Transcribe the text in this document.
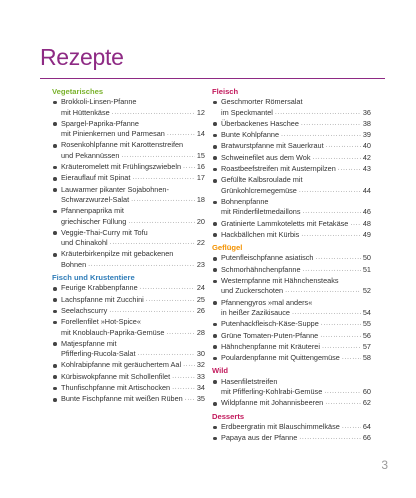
Rezepte
Vegetarisches
Brokkoli-Linsen-Pfanne
mit Hüttenkäse ·····	12
Spargel-Paprika-Pfanne
mit Pinienkernen und Parmesan ·····	14
Rosenkohlpfanne mit Karottenstreifen
und Pekannüssen ·····	15
Kräuteromelett mit Frühlingszwiebeln ····· 16
Eierauflauf mit Spinat ·····	17
Lauwarmer pikanter Sojabohnen-
Schwarzwurzel-Salat ·····	18
Pfannenpaprika mit
griechischer Füllung ·····	20
Veggie-Thai-Curry mit Tofu
und Chinakohl ·····	22
Kräuterbirkenpilze mit gebackenen
Bohnen ·····	23
Fisch und Krustentiere
Feurige Krabbenpfanne ·····	24
Lachspfanne mit Zucchini ·····	25
Seelachscurry ·····	26
Forellenfilet »Hot-Spice«
mit Knoblauch-Paprika-Gemüse ·····	28
Matjespfanne mit
Pfifferling-Rucola-Salat ·····	30
Kohlrabipfanne mit geräuchertem Aal ····· 32
Kürbiswokpfanne mit Schollenfilet ·····	33
Thunfischpfanne mit Artischocken ·····	34
Bunte Fischpfanne mit weißen Rüben ····· 35
Fleisch
Geschmorter Römersalat
im Speckmantel ·····	36
Überbackenes Haschee ·····	38
Bunte Kohlpfanne ·····	39
Bratwurstpfanne mit Sauerkraut ·····	40
Schweinefilet aus dem Wok ·····	42
Roastbeefstreifen mit Austernpilzen ·····	43
Gefüllte Kalbsroulade mit
Grünkohlcremegemüse ·····	44
Bohnenpfanne
mit Rinderfiletmedaillons ·····	46
Gratinierte Lammkoteletts mit Fetakäse ····· 48
Hackbällchen mit Kürbis ·····	49
Geflügel
Putenfleischpfanne asiatisch ·····	50
Schmorhähnchenpfanne ·····	51
Westernpfanne mit Hähnchensteaks
und Zuckerschoten ·····	52
Pfannengyros »mal anders«
in heißer Zazikisauce ·····	54
Putenhackfleisch-Käse-Suppe ·····	55
Grüne Tomaten-Puten-Pfanne ·····	56
Hähnchenpfanne mit Kräuterei ·····	57
Poulardenpfanne mit Quittengemüse ·····	58
Wild
Hasenfiletstreifen
mit Pfifferling-Kohlrabi-Gemüse ·····	60
Wildpfanne mit Johannisbeeren ·····	62
Desserts
Erdbeergratin mit Blauschimmelkäse ·····	64
Papaya aus der Pfanne ·····	66
3
